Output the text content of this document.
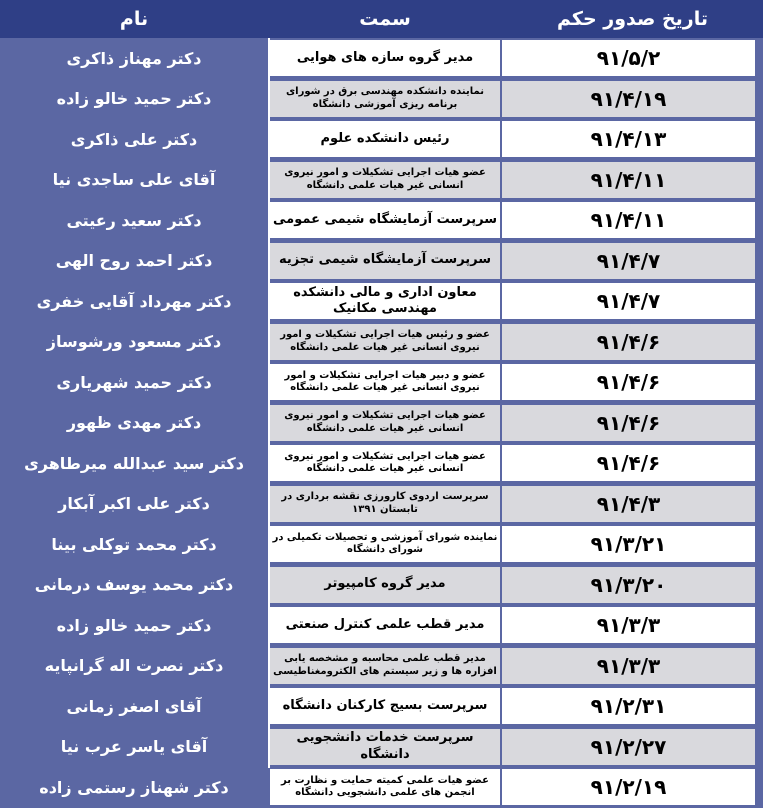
نام	سمت	تاریخ صدور حکم
دکتر مهناز ذاکری	مدیر گروه سازه های هوایی	۹۱/۵/۲
دکتر حمید خالو زاده	نماینده دانشکده مهندسی برق در شورای برنامه ریزی آموزشی دانشگاه	۹۱/۴/۱۹
دکتر علی ذاکری	رئیس دانشکده علوم	۹۱/۴/۱۳
آقای علی ساجدی نیا	عضو هیات اجرایی تشکیلات و امور نیروی انسانی غیر هیات علمی دانشگاه	۹۱/۴/۱۱
دکتر سعید رعیتی	سرپرست آزمایشگاه شیمی عمومی	۹۱/۴/۱۱
دکتر احمد روح الهی	سرپرست آزمایشگاه شیمی تجزیه	۹۱/۴/۷
دکتر مهرداد آقایی خفری	معاون اداری و مالی دانشکده مهندسی مکانیک	۹۱/۴/۷
دکتر مسعود ورشوساز	عضو و رئیس هیات اجرایی تشکیلات و امور نیروی انسانی غیر هیات علمی دانشگاه	۹۱/۴/۶
دکتر حمید شهریاری	عضو و دبیر هیات اجرایی تشکیلات و امور نیروی انسانی غیر هیات علمی دانشگاه	۹۱/۴/۶
دکتر مهدی ظهور	عضو هیات اجرایی تشکیلات و امور نیروی انسانی غیر هیات علمی دانشگاه	۹۱/۴/۶
دکتر سید عبدالله میرطاهری	عضو هیات اجرایی تشکیلات و امور نیروی انسانی غیر هیات علمی دانشگاه	۹۱/۴/۶
دکتر علی اکبر آبکار	سرپرست اردوی کارورزی نقشه برداری در تابستان ۱۳۹۱	۹۱/۴/۳
دکتر محمد توکلی بینا	نماینده شورای آموزشی و تحصیلات تکمیلی در شورای دانشگاه	۹۱/۳/۲۱
دکتر محمد یوسف درمانی	مدیر گروه کامپیوتر	۹۱/۳/۲۰
دکتر حمید خالو زاده	مدیر قطب علمی کنترل صنعتی	۹۱/۳/۳
دکتر نصرت اله گرانپایه	مدیر قطب علمی محاسبه و مشخصه یابی افزاره ها و زیر سیستم های الکترومغناطیسی	۹۱/۳/۳
آقای اصغر زمانی	سرپرست بسیج کارکنان دانشگاه	۹۱/۲/۳۱
آقای یاسر عرب نیا	سرپرست خدمات دانشجویی دانشگاه	۹۱/۲/۲۷
دکتر شهناز رستمی زاده	عضو هیات علمی کمیته حمایت و نظارت بر انجمن های علمی دانشجویی دانشگاه	۹۱/۲/۱۹
